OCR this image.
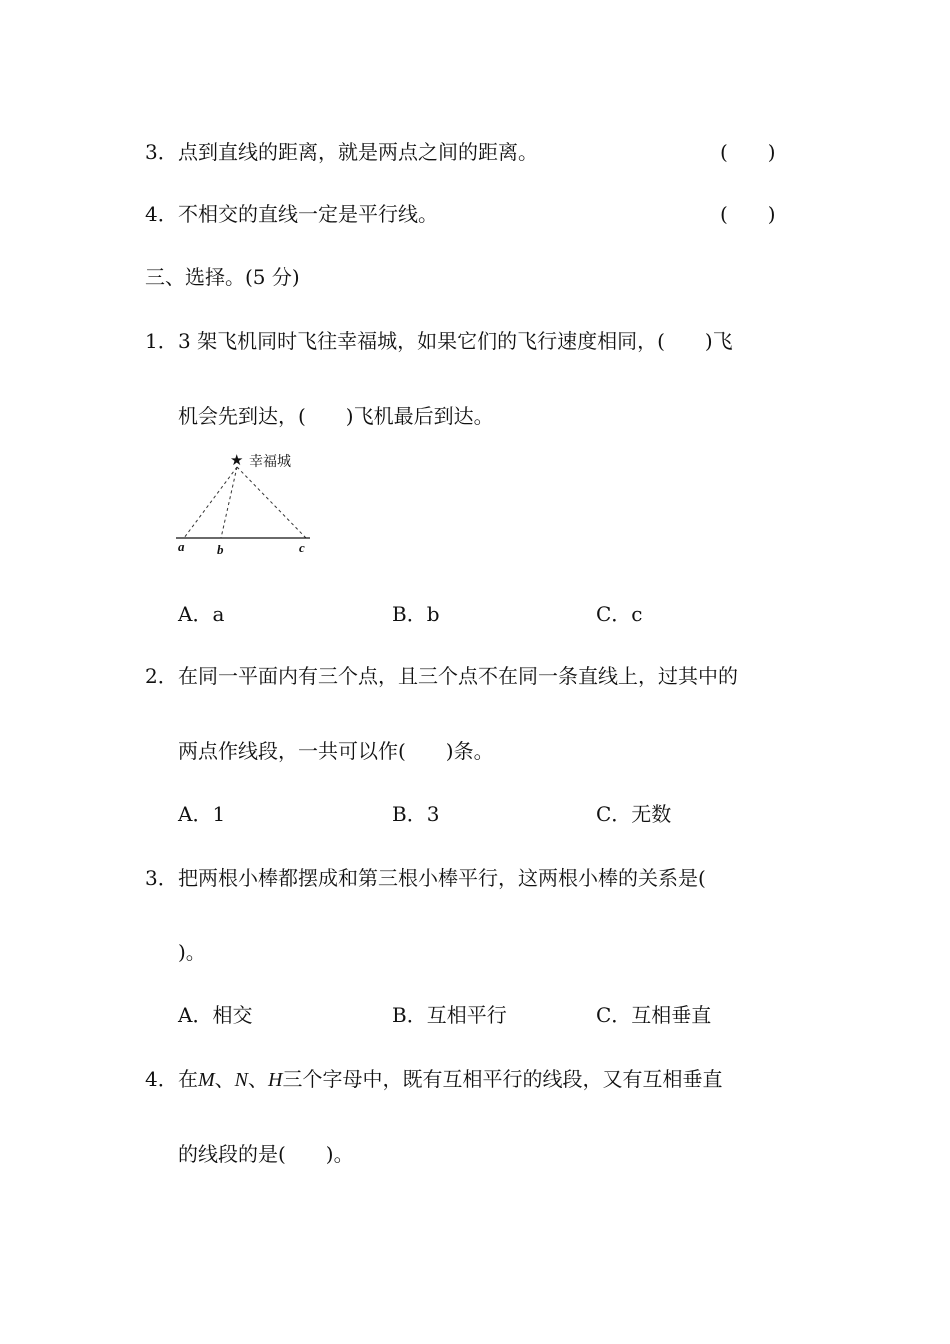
3． 点到直线的距离，就是两点之间的距离。	(　　)
4． 不相交的直线一定是平行线。	(　　)
三、选择。(5 分)
1． 3 架飞机同时飞往幸福城，如果它们的飞行速度相同，(　　)飞
机会先到达，(　　)飞机最后到达。
★ 幸福城
a	b	c
A．a	B．b	C．c
2． 在同一平面内有三个点，且三个点不在同一条直线上，过其中的
两点作线段，一共可以作(　　)条。
A．1	B．3	C．无数
3． 把两根小棒都摆成和第三根小棒平行，这两根小棒的关系是(
)。
A．相交	B．互相平行	C．互相垂直
4． 在M、N、H三个字母中，既有互相平行的线段，又有互相垂直
的线段的是(　　)。
